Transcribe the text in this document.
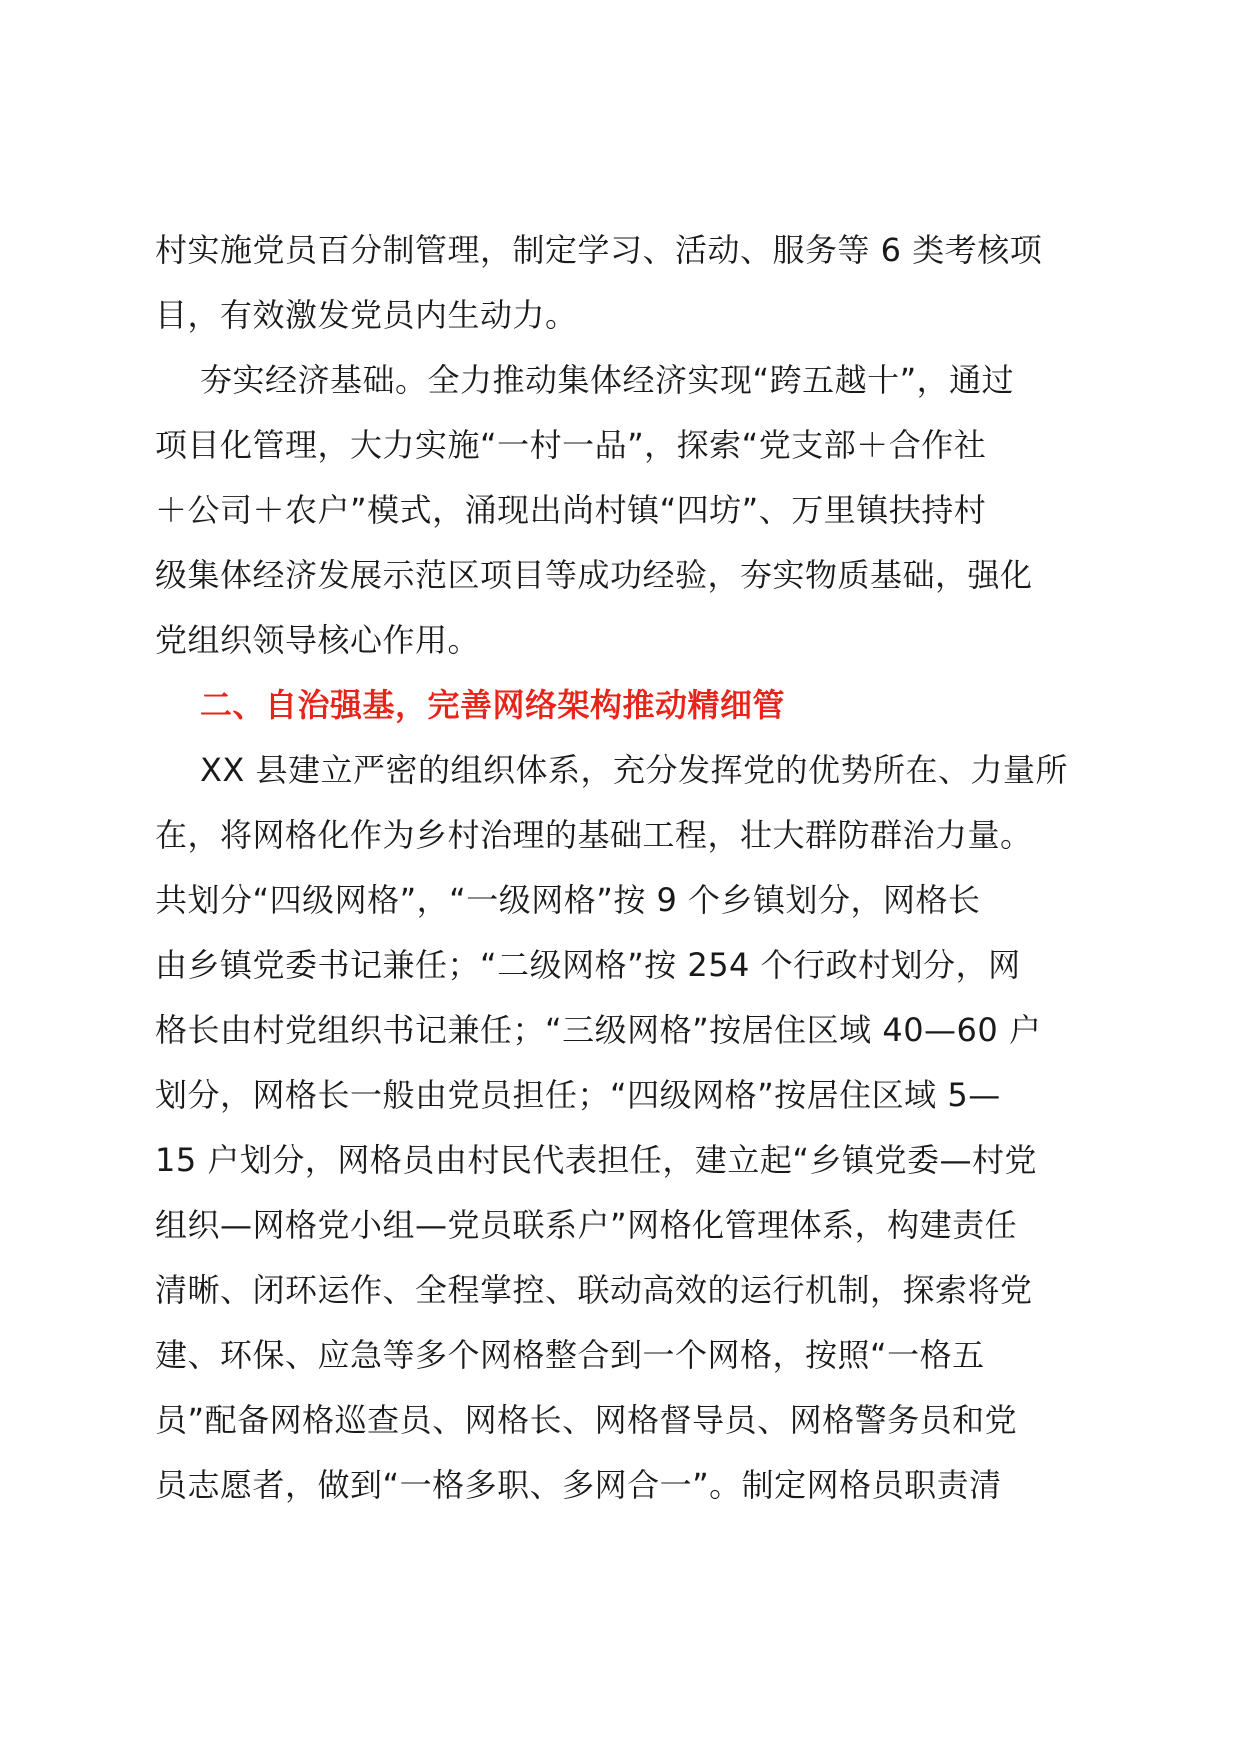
村实施党员百分制管理，制定学习、活动、服务等 6 类考核项
目，有效激发党员内生动力。
夯实经济基础。全力推动集体经济实现“跨五越十”，通过
项目化管理，大力实施“一村一品”，探索“党支部＋合作社
＋公司＋农户”模式，涌现出尚村镇“四坊”、万里镇扶持村
级集体经济发展示范区项目等成功经验，夯实物质基础，强化
党组织领导核心作用。
二、自治强基，完善网络架构推动精细管
XX 县建立严密的组织体系，充分发挥党的优势所在、力量所
在，将网格化作为乡村治理的基础工程，壮大群防群治力量。
共划分“四级网格”，“一级网格”按 9 个乡镇划分，网格长
由乡镇党委书记兼任；“二级网格”按 254 个行政村划分，网
格长由村党组织书记兼任；“三级网格”按居住区域 40—60 户
划分，网格长一般由党员担任；“四级网格”按居住区域 5—
15 户划分，网格员由村民代表担任，建立起“乡镇党委—村党
组织—网格党小组—党员联系户”网格化管理体系，构建责任
清晰、闭环运作、全程掌控、联动高效的运行机制，探索将党
建、环保、应急等多个网格整合到一个网格，按照“一格五
员”配备网格巡查员、网格长、网格督导员、网格警务员和党
员志愿者，做到“一格多职、多网合一”。制定网格员职责清
